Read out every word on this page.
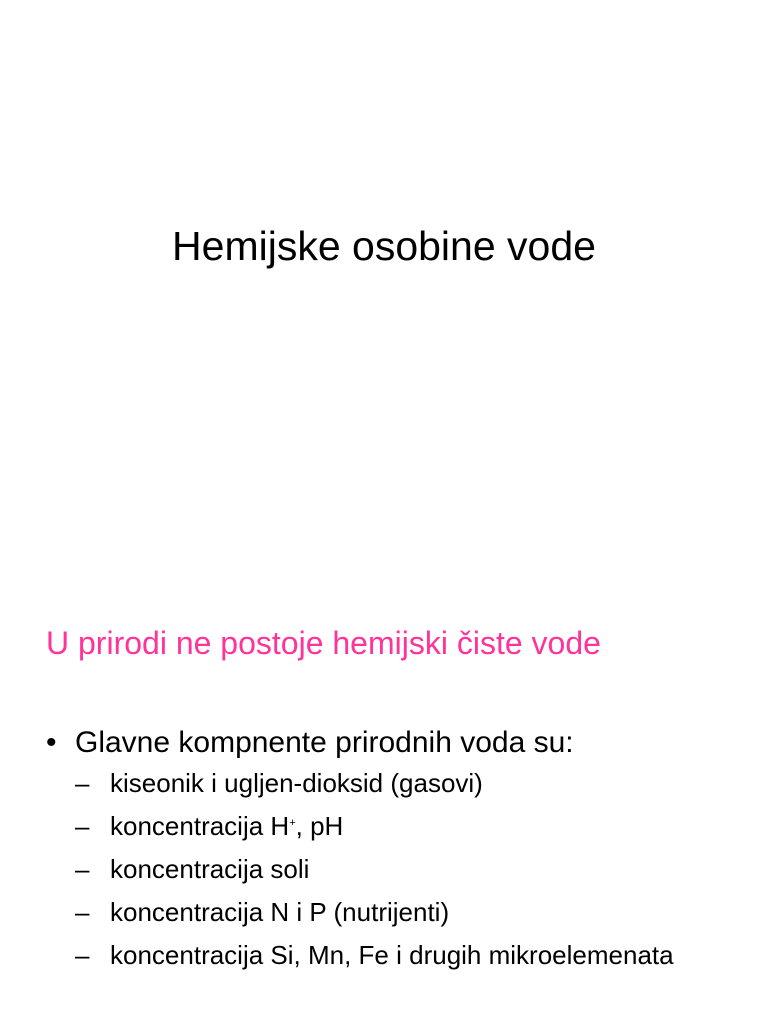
Hemijske osobine vode
U prirodi ne postoje hemijski čiste vode
• Glavne kompnente prirodnih voda su:
– kiseonik i ugljen-dioksid (gasovi)
– koncentracija H+, pH
– koncentracija soli
– koncentracija N i P (nutrijenti)
– koncentracija Si, Mn, Fe i drugih mikroelemenata
